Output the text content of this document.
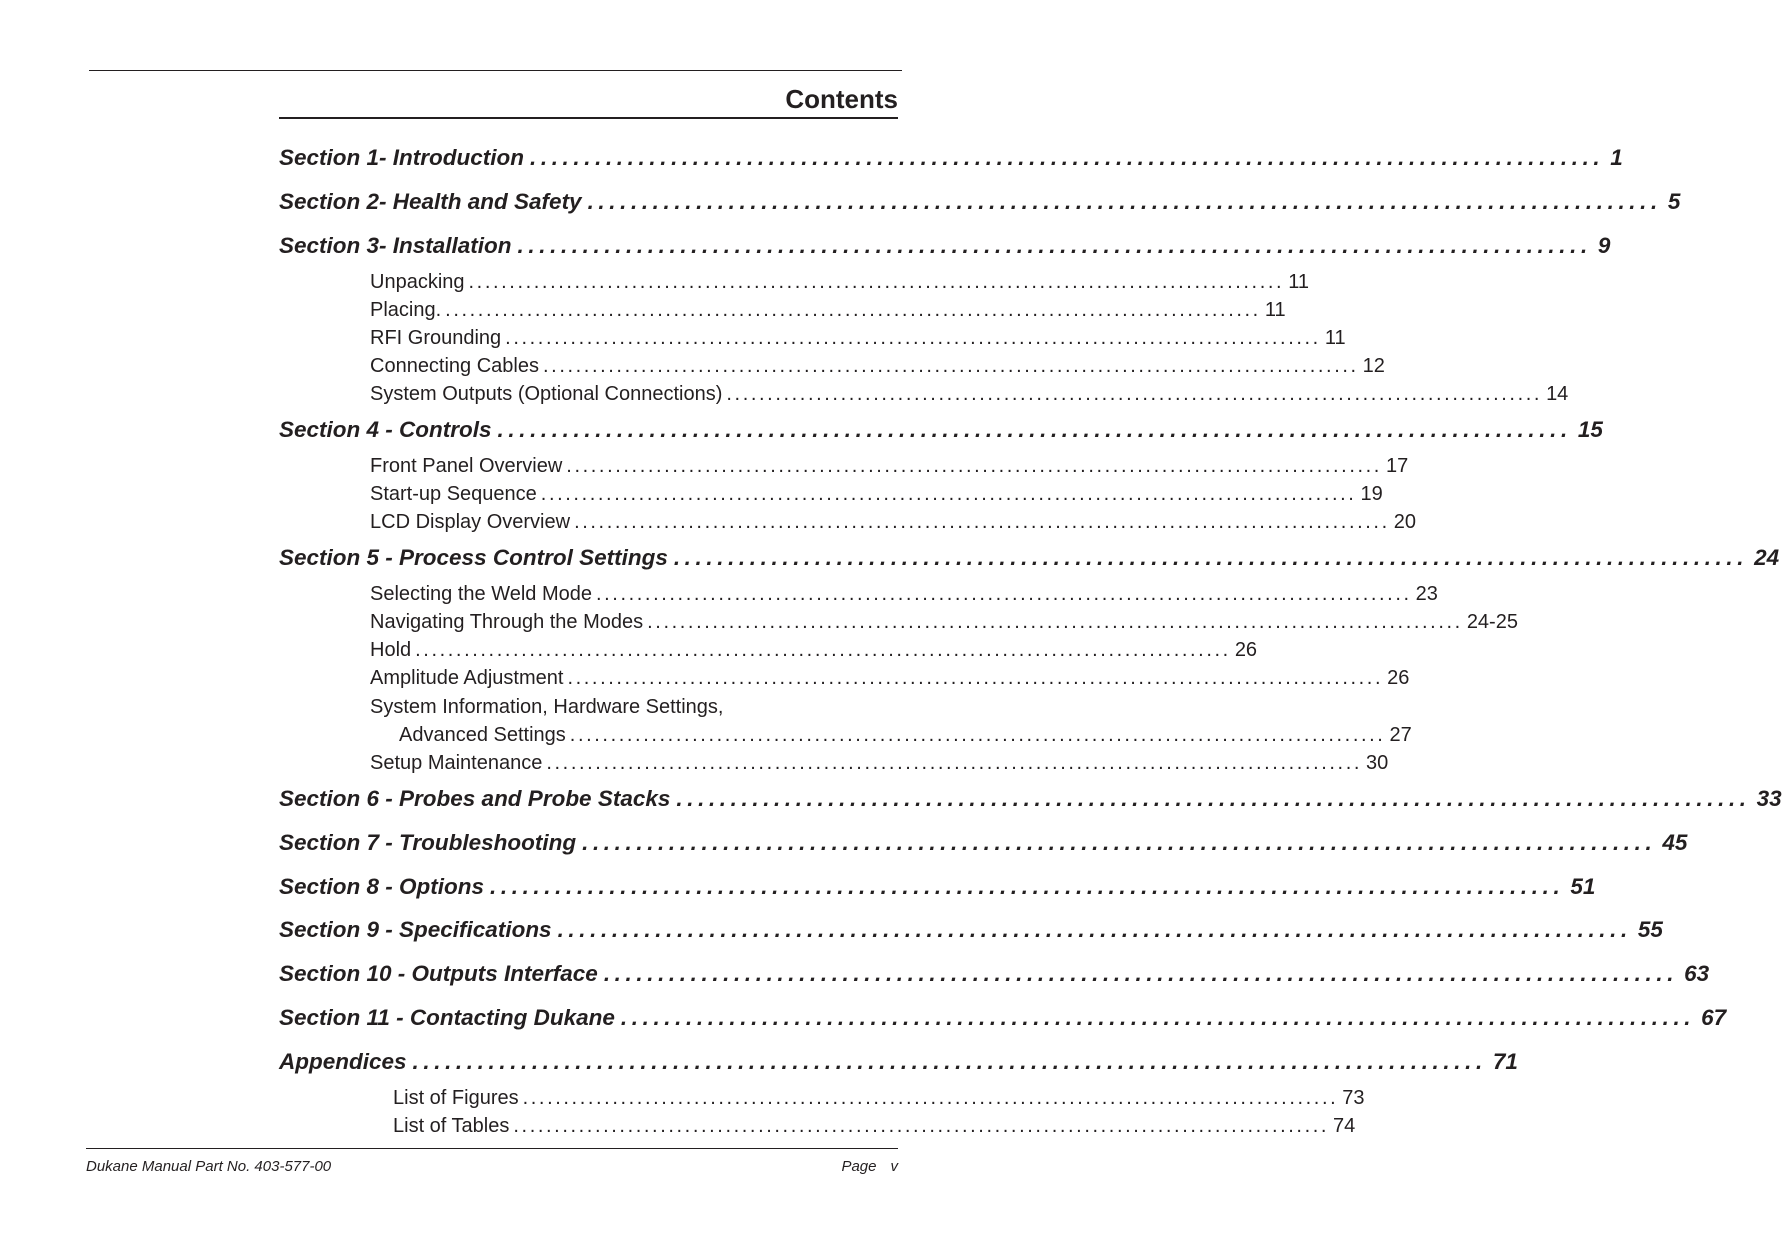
Contents
Section 1- Introduction ................................................................................................... 1
Section 2- Health and Safety ................................................................................................... 5
Section 3- Installation ................................................................................................... 9
Unpacking .................................................................................................... 11
Placing. .................................................................................................... 11
RFI Grounding .................................................................................................... 11
Connecting Cables .................................................................................................... 12
System Outputs (Optional Connections) .................................................................................................... 14
Section 4 - Controls ................................................................................................... 15
Front Panel Overview .................................................................................................... 17
Start-up Sequence .................................................................................................... 19
LCD Display Overview .................................................................................................... 20
Section 5 - Process Control Settings ................................................................................................... 24
Selecting the Weld Mode .................................................................................................... 23
Navigating Through the Modes .................................................................................................... 24-25
Hold .................................................................................................... 26
Amplitude Adjustment .................................................................................................... 26
System Information, Hardware Settings,
Advanced Settings .................................................................................................... 27
Setup Maintenance .................................................................................................... 30
Section 6 - Probes and Probe Stacks ................................................................................................... 33
Section 7 - Troubleshooting ................................................................................................... 45
Section 8 - Options ................................................................................................... 51
Section 9 - Specifications ................................................................................................... 55
Section 10 - Outputs Interface ................................................................................................... 63
Section 11 - Contacting Dukane ................................................................................................... 67
Appendices ................................................................................................... 71
List of Figures .................................................................................................... 73
List of Tables .................................................................................................... 74
Dukane Manual Part No. 403-577-00	Page v
